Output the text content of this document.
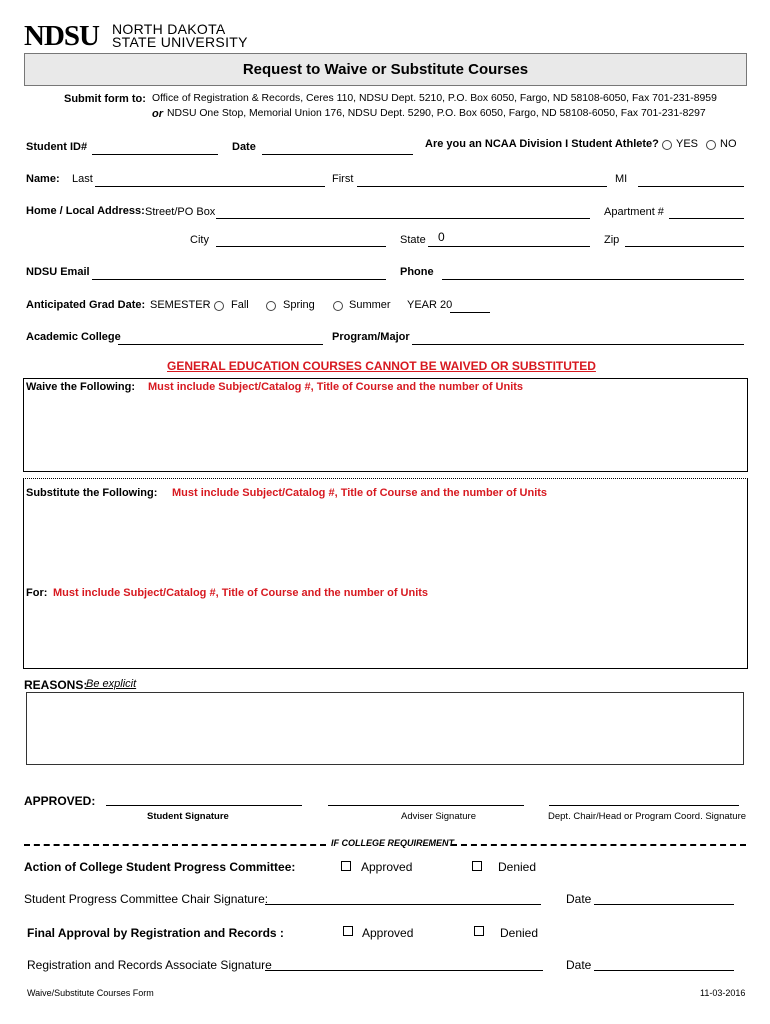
NDSU NORTH DAKOTA
STATE UNIVERSITY
Request to Waive or Substitute Courses
Submit form to: Office of Registration & Records, Ceres 110, NDSU Dept. 5210, P.O. Box 6050, Fargo, ND 58108-6050, Fax 701-231-8959
or NDSU One Stop, Memorial Union 176, NDSU Dept. 5290, P.O. Box 6050, Fargo, ND 58108-6050, Fax 701-231-8297
Student ID#	Date	Are you an NCAA Division I Student Athlete? YES NO
Name: Last	First	MI
Home / Local Address: Street/PO Box	Apartment #
City	State 0	Zip
NDSU Email	Phone
Anticipated Grad Date: SEMESTER Fall	Spring	Summer YEAR 20
Academic College	Program/Major
GENERAL EDUCATION COURSES CANNOT BE WAIVED OR SUBSTITUTED
Waive the Following: Must include Subject/Catalog #, Title of Course and the number of Units
Substitute the Following: Must include Subject/Catalog #, Title of Course and the number of Units
For: Must include Subject/Catalog #, Title of Course and the number of Units
REASONS:
Be explicit
APPROVED:
Student Signature	Adviser Signature	Dept. Chair/Head or Program Coord. Signature
IF COLLEGE REQUIREMENT
Action of College Student Progress Committee:	Approved	Denied
Student Progress Committee Chair Signature:	Date
Final Approval by Registration and Records :	Approved	Denied
Registration and Records Associate Signature	Date
Waive/Substitute Courses Form	11-03-2016
